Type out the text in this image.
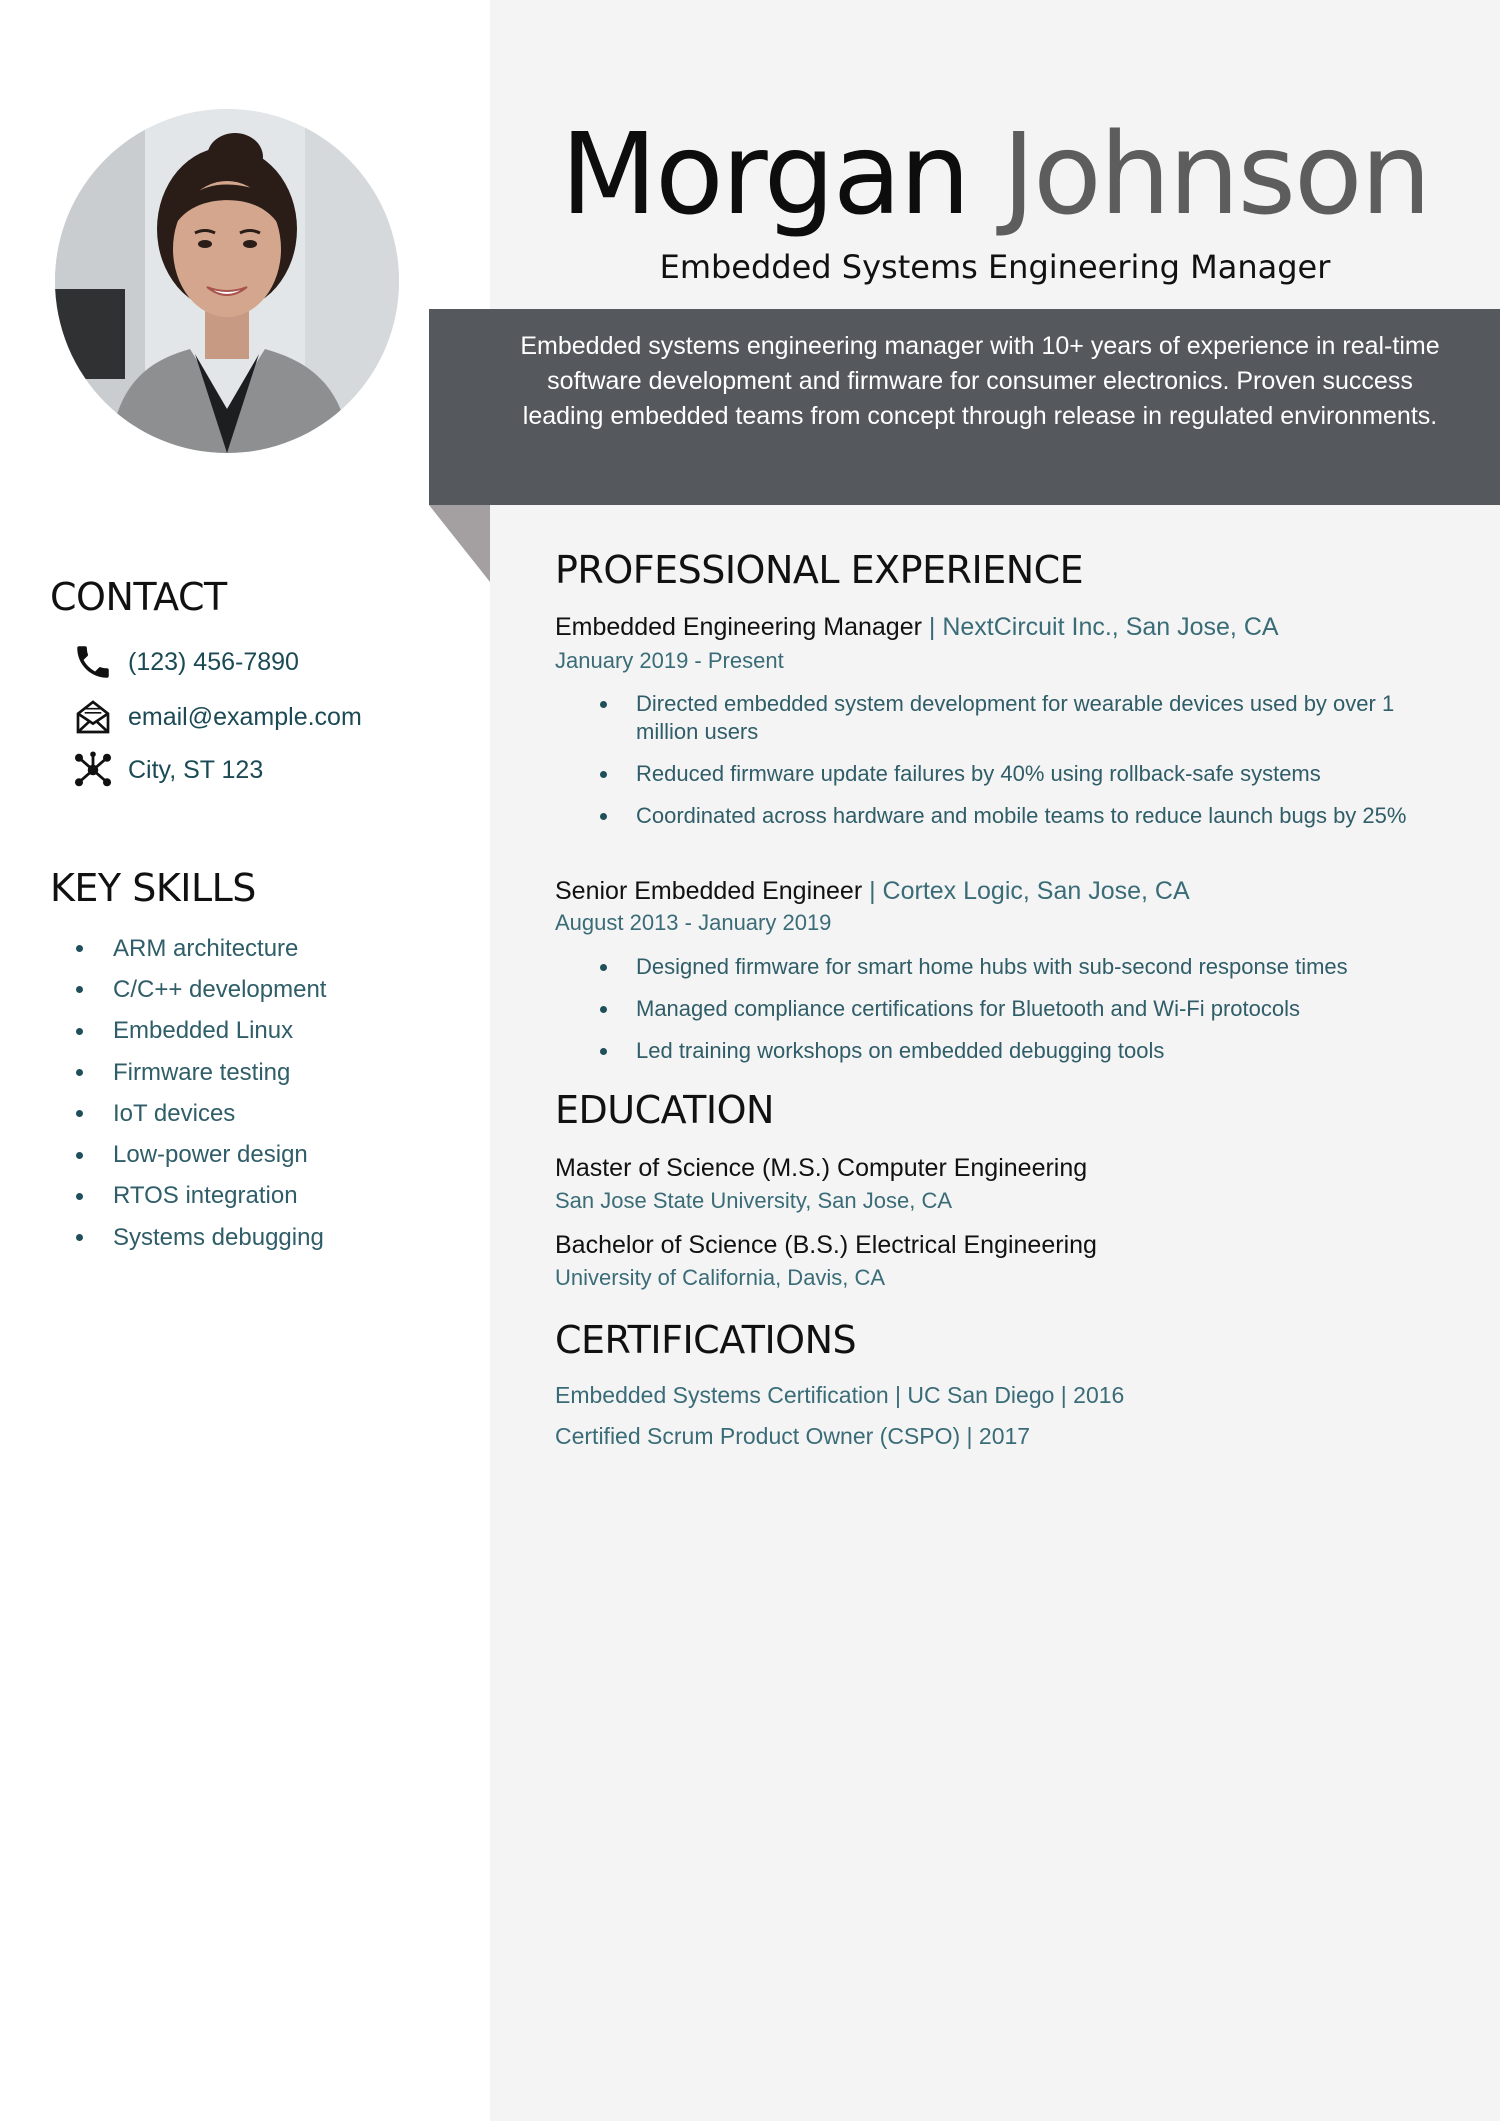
Morgan Johnson
Embedded Systems Engineering Manager
Embedded systems engineering manager with 10+ years of experience in real-time software development and firmware for consumer electronics. Proven success leading embedded teams from concept through release in regulated environments.
CONTACT
(123) 456-7890
email@example.com
City, ST 123
KEY SKILLS
ARM architecture
C/C++ development
Embedded Linux
Firmware testing
IoT devices
Low-power design
RTOS integration
Systems debugging
PROFESSIONAL EXPERIENCE
Embedded Engineering Manager | NextCircuit Inc., San Jose, CA
January 2019 - Present
Directed embedded system development for wearable devices used by over 1 million users
Reduced firmware update failures by 40% using rollback-safe systems
Coordinated across hardware and mobile teams to reduce launch bugs by 25%
Senior Embedded Engineer | Cortex Logic, San Jose, CA
August 2013 - January 2019
Designed firmware for smart home hubs with sub-second response times
Managed compliance certifications for Bluetooth and Wi-Fi protocols
Led training workshops on embedded debugging tools
EDUCATION
Master of Science (M.S.) Computer Engineering
San Jose State University, San Jose, CA
Bachelor of Science (B.S.) Electrical Engineering
University of California, Davis, CA
CERTIFICATIONS
Embedded Systems Certification | UC San Diego | 2016
Certified Scrum Product Owner (CSPO) | 2017
